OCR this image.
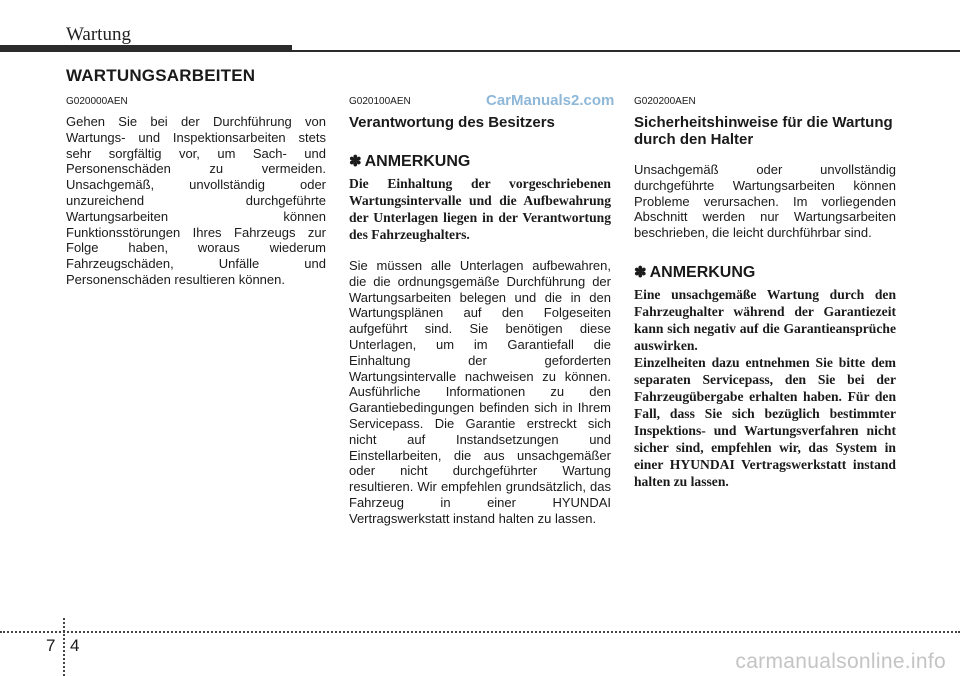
Wartung
WARTUNGSARBEITEN

G020000AEN

Gehen Sie bei der Durchführung von Wartungs- und Inspektionsarbeiten stets sehr sorgfältig vor, um Sach- und Personenschäden zu vermeiden. Unsachgemäß, unvollständig oder unzureichend durchgeführte Wartungsarbeiten können Funktionsstörungen Ihres Fahrzeugs zur Folge haben, woraus wiederum Fahrzeugschäden, Unfälle und Personenschäden resultieren können.

G020100AEN

Verantwortung des Besitzers

✽ ANMERKUNG

Die Einhaltung der vorgeschriebenen Wartungsintervalle und die Aufbewahrung der Unterlagen liegen in der Verantwortung des Fahrzeughalters.

Sie müssen alle Unterlagen aufbewahren, die die ordnungsgemäße Durchführung der Wartungsarbeiten belegen und die in den Wartungsplänen auf den Folgeseiten aufgeführt sind. Sie benötigen diese Unterlagen, um im Garantiefall die Einhaltung der geforderten Wartungsintervalle nachweisen zu können. Ausführliche Informationen zu den Garantiebedingungen befinden sich in Ihrem Servicepass. Die Garantie erstreckt sich nicht auf Instandsetzungen und Einstellarbeiten, die aus unsachgemäßer oder nicht durchgeführter Wartung resultieren. Wir empfehlen grundsätzlich, das Fahrzeug in einer HYUNDAI Vertragswerkstatt instand halten zu lassen.

CarManuals2.com G020200AEN

Sicherheitshinweise für die Wartung durch den Halter

Unsachgemäß oder unvollständig durchgeführte Wartungsarbeiten können Probleme verursachen. Im vorliegenden Abschnitt werden nur Wartungsarbeiten beschrieben, die leicht durchführbar sind.

✽ ANMERKUNG

Eine unsachgemäße Wartung durch den Fahrzeughalter während der Garantiezeit kann sich negativ auf die Garantieansprüche auswirken.

Einzelheiten dazu entnehmen Sie bitte dem separaten Servicepass, den Sie bei der Fahrzeugübergabe erhalten haben. Für den Fall, dass Sie sich bezüglich bestimmter Inspektions- und Wartungsverfahren nicht sicher sind, empfehlen wir, das System in einer HYUNDAI Vertragswerkstatt instand halten zu lassen.

7 4
carmanualsonline.info
